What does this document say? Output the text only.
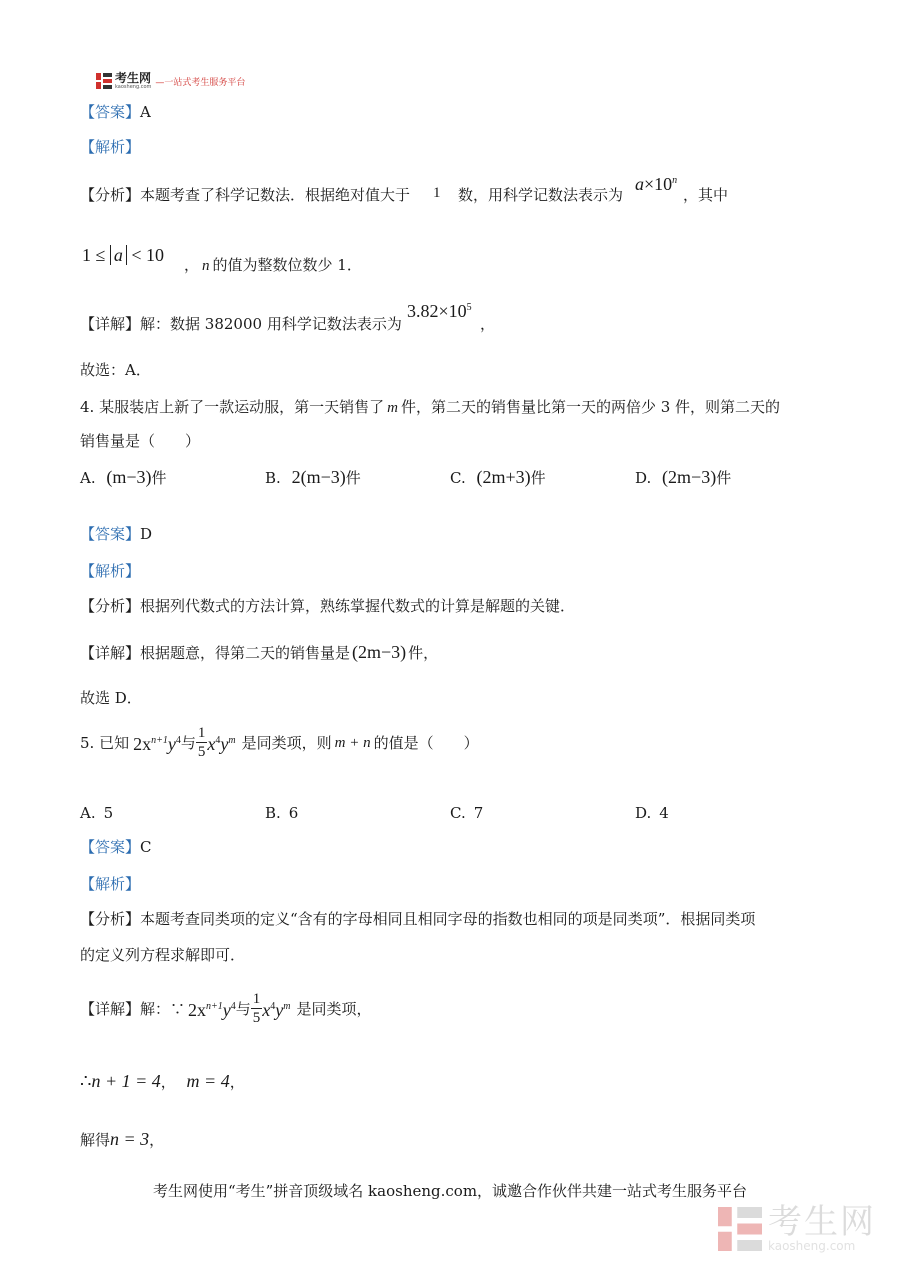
考生网
kaosheng.com —一站式考生服务平台
【答案】A
【解析】
【分析】本题考查了科学记数法．根据绝对值大于 1 数，用科学记数法表示为
$a\times 10^n$
，其中
1 ≤ a < 10 ， n 的值为整数位数少 1．
【详解】解：数据 382000 用科学记数法表示为
$3.82\times 10^5$
，
故选：A．
4. 某服装店上新了一款运动服，第一天销售了 m 件，第二天的销售量比第一天的两倍少 3 件，则第二天的
销售量是（　　）
A. (m−3)件	B. 2(m−3)件	C. (2m+3)件	D. (2m−3)件
【答案】D
【解析】
【分析】根据列代数式的方法计算，熟练掌握代数式的计算是解题的关键．
【详解】根据题意，得第二天的销售量是 (2m−3) 件，
故选 D．
5. 已知 $2x^{n+1}y^4$ 与 $\frac{1}{5} x^4y^m$ 是同类项，则 m + n 的值是（　　）
A. 5	B. 6	C. 7	D. 4
【答案】C
【解析】
【分析】本题考查同类项的定义“含有的字母相同且相同字母的指数也相同的项是同类项”．根据同类项
的定义列方程求解即可．
【详解】 解：∵ $2x^{n+1}y^4$ 与 $\frac{1}{5} x^4y^m$ 是同类项，
∴n + 1 = 4， m = 4，
解得n = 3，
考生网使用“考生”拼音顶级域名 kaosheng.com，诚邀合作伙伴共建一站式考生服务平台
考生网
kaosheng.com
